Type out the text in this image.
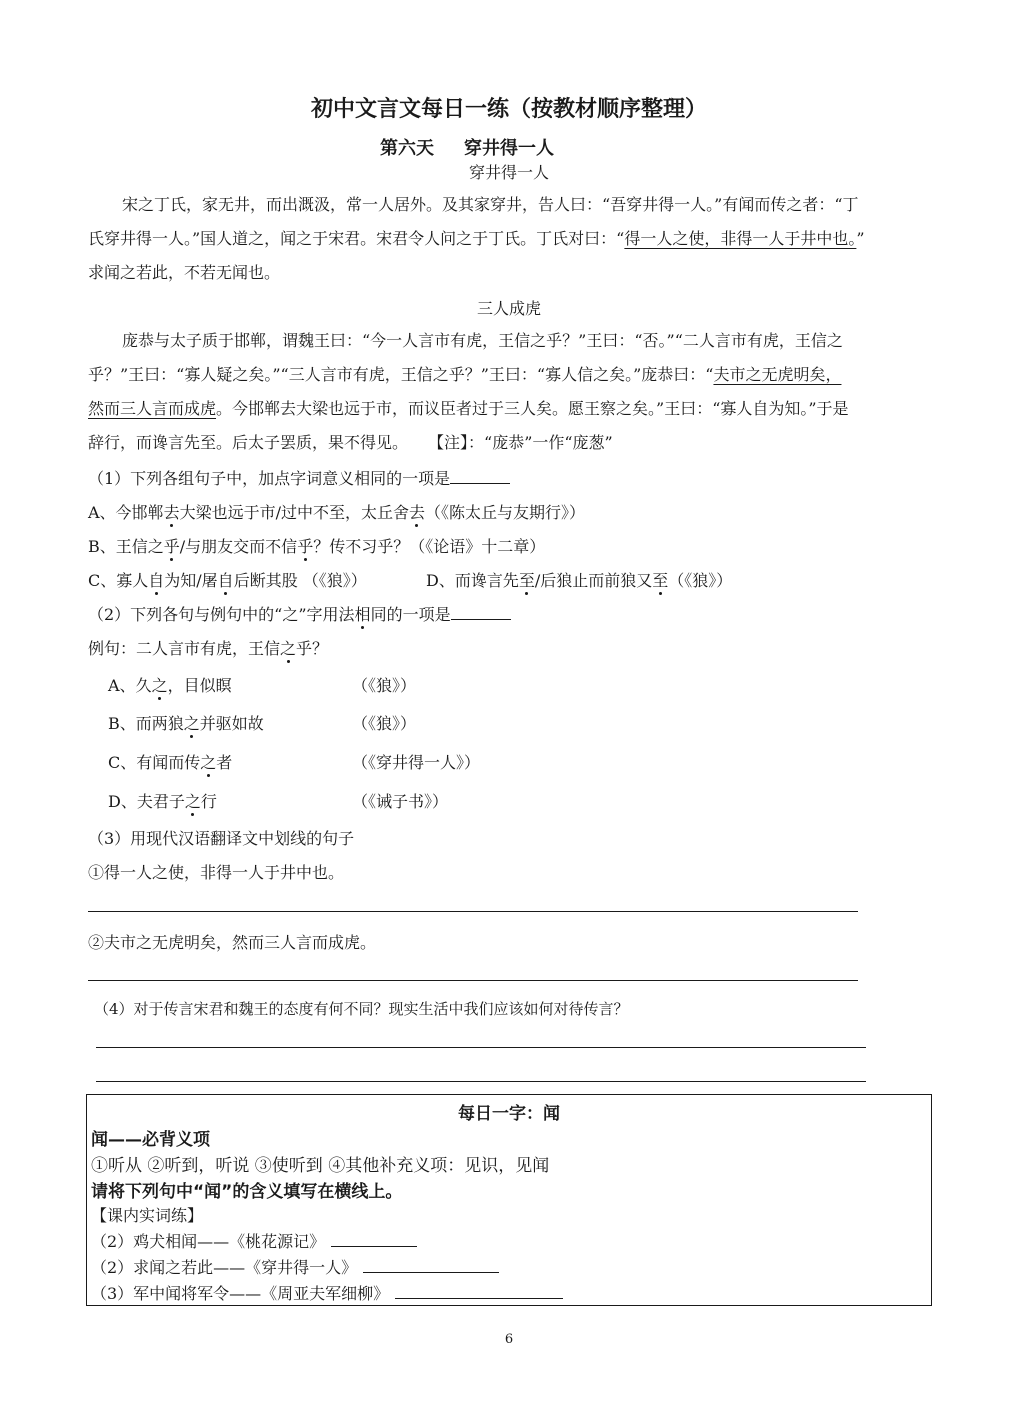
初中文言文每日一练（按教材顺序整理）
第六天 穿井得一人
穿井得一人
宋之丁氏，家无井，而出溉汲，常一人居外。及其家穿井，告人曰：“吾穿井得一人。”有闻而传之者：“丁
氏穿井得一人。”国人道之，闻之于宋君。宋君令人问之于丁氏。丁氏对曰：“得一人之使，非得一人于井中也。”
求闻之若此，不若无闻也。
三人成虎
庞恭与太子质于邯郸，谓魏王曰：“今一人言市有虎，王信之乎？”王曰：“否。”“二人言市有虎，王信之
乎？”王曰：“寡人疑之矣。”“三人言市有虎，王信之乎？”王曰：“寡人信之矣。”庞恭曰：“夫市之无虎明矣，
然而三人言而成虎。今邯郸去大梁也远于市，而议臣者过于三人矣。愿王察之矣。”王曰：“寡人自为知。”于是
辞行，而谗言先至。后太子罢质，果不得见。 【注】：“庞恭”一作“庞葱”
（1）下列各组句子中，加点字词意义相同的一项是
A、今邯郸去大梁也远于市/过中不至，太丘舍去（《陈太丘与友期行》）
B、王信之乎/与朋友交而不信乎？传不习乎？（《论语》十二章）
C、寡人自为知/屠自后断其股 （《狼》）	D、而谗言先至/后狼止而前狼又至（《狼》）
（2）下列各句与例句中的“之”字用法相同的一项是
例句：二人言市有虎，王信之乎？
A、久之，目似瞑	（《狼》）
B、而两狼之并驱如故	（《狼》）
C、有闻而传之者	（《穿井得一人》）
D、夫君子之行	（《诫子书》）
（3）用现代汉语翻译文中划线的句子
①得一人之使，非得一人于井中也。
②夫市之无虎明矣，然而三人言而成虎。
（4）对于传言宋君和魏王的态度有何不同？现实生活中我们应该如何对待传言？
每日一字：闻
闻——必背义项
①听从 ②听到，听说 ③使听到 ④其他补充义项：见识，见闻
请将下列句中“闻”的含义填写在横线上。
【课内实词练】
（2）鸡犬相闻——《桃花源记》
（2）求闻之若此——《穿井得一人》
（3）军中闻将军令——《周亚夫军细柳》
6
